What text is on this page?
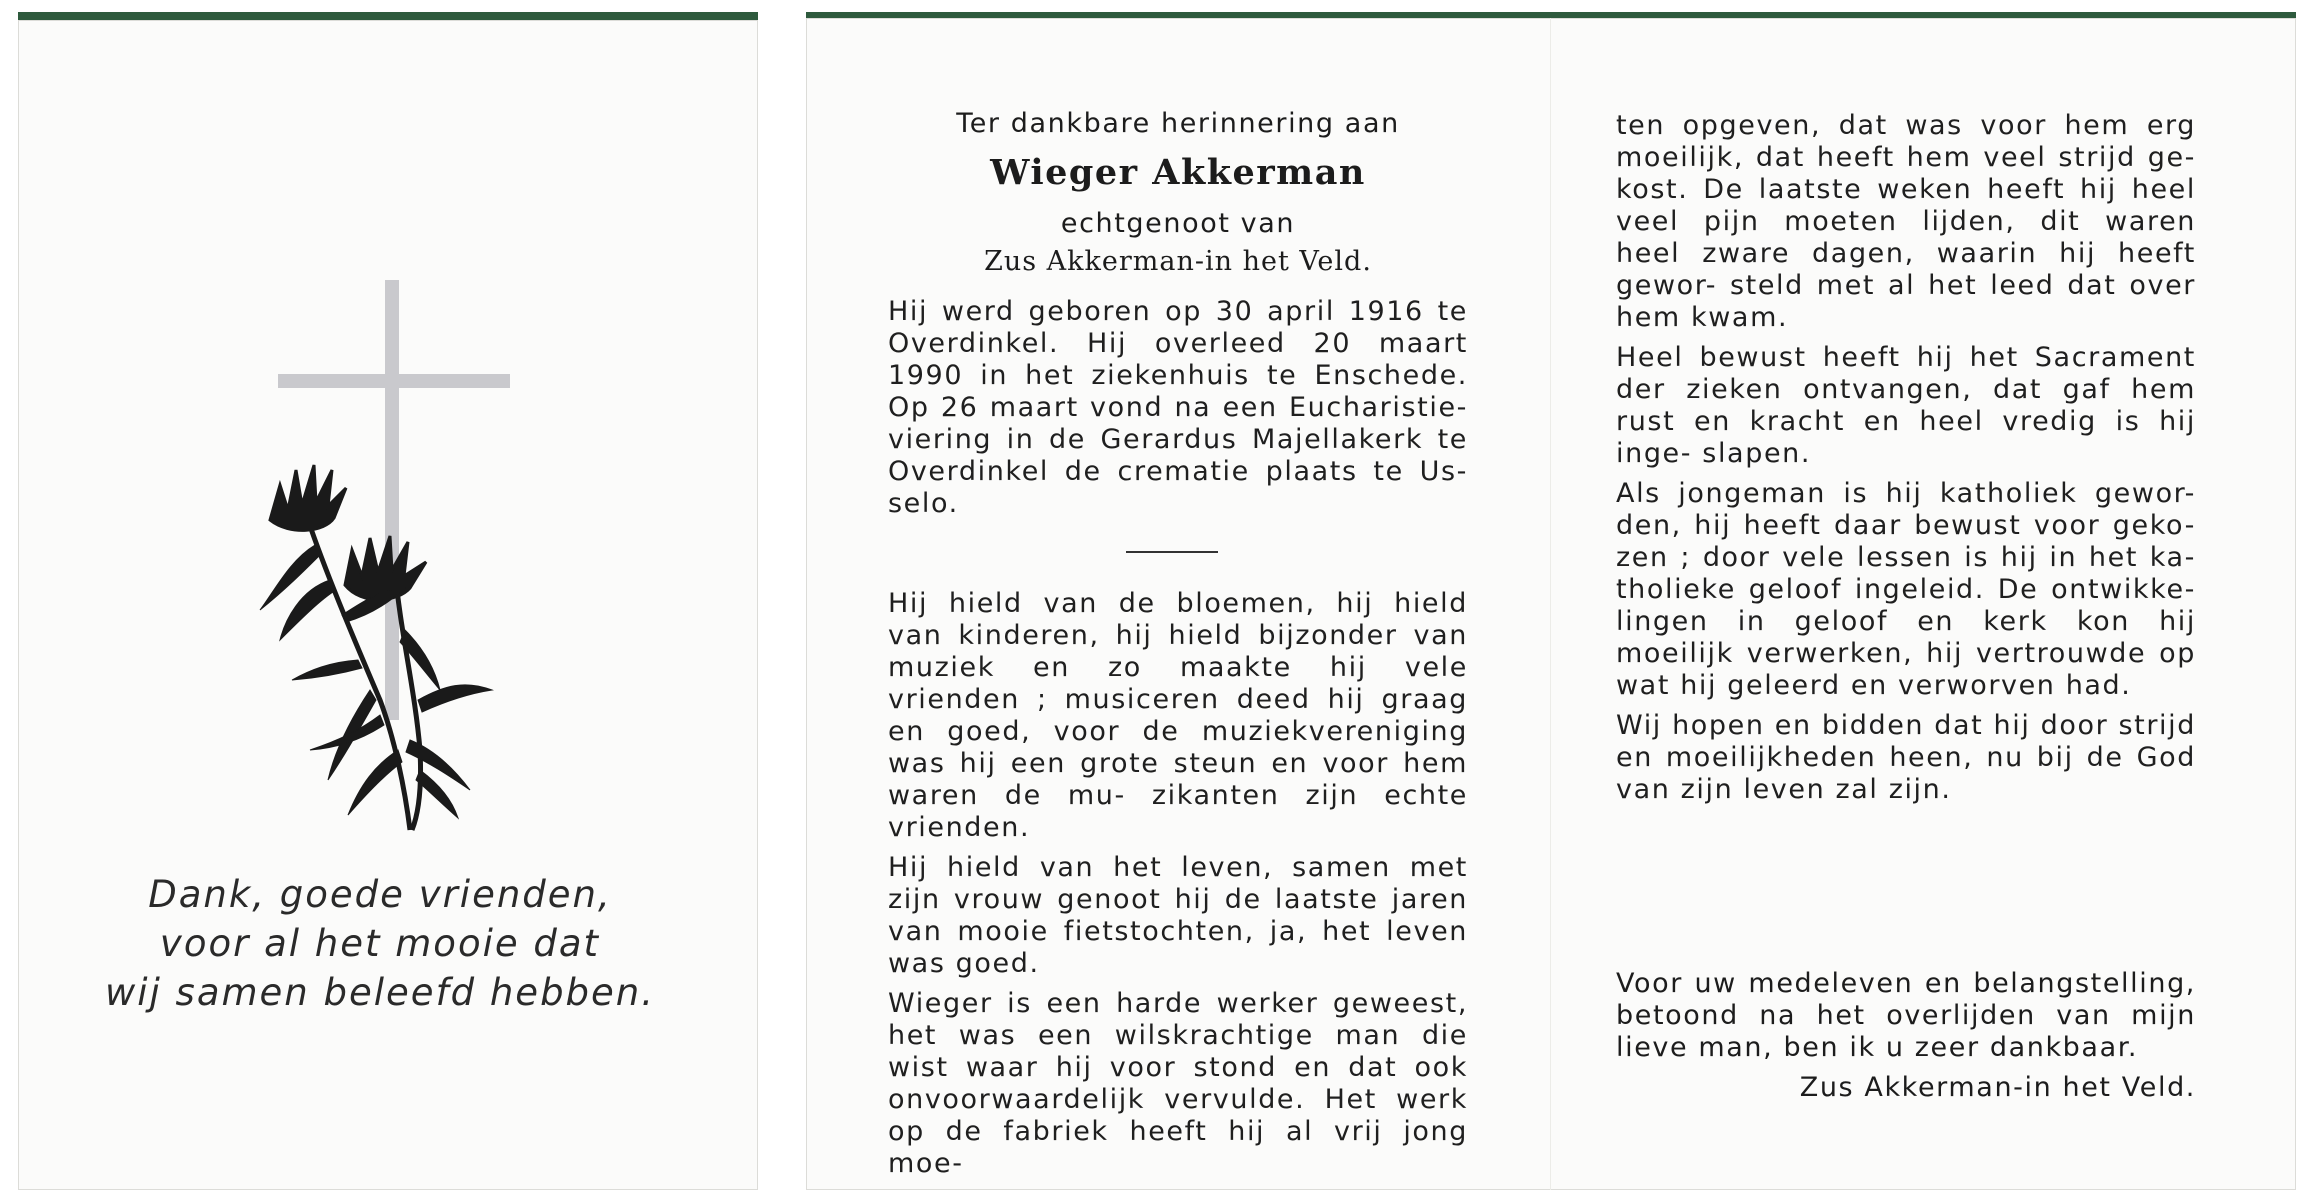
Dank, goede vrienden,
voor al het mooie dat
wij samen beleefd hebben.
Ter dankbare herinnering aan
Wieger Akkerman
echtgenoot van
Zus Akkerman-in het Veld.

Hij werd geboren op 30 april 1916 te Overdinkel. Hij overleed 20 maart 1990 in het ziekenhuis te Enschede. Op 26 maart vond na een Eucharistie- viering in de Gerardus Majellakerk te Overdinkel de crematie plaats te Us- selo.

Hij hield van de bloemen, hij hield van kinderen, hij hield bijzonder van muziek en zo maakte hij vele vrienden ; musiceren deed hij graag en goed, voor de muziekvereniging was hij een grote steun en voor hem waren de mu- zikanten zijn echte vrienden.

Hij hield van het leven, samen met zijn vrouw genoot hij de laatste jaren van mooie fietstochten, ja, het leven was goed.

Wieger is een harde werker geweest, het was een wilskrachtige man die wist waar hij voor stond en dat ook onvoorwaardelijk vervulde. Het werk op de fabriek heeft hij al vrij jong moe-

ten opgeven, dat was voor hem erg moeilijk, dat heeft hem veel strijd ge- kost. De laatste weken heeft hij heel veel pijn moeten lijden, dit waren heel zware dagen, waarin hij heeft gewor- steld met al het leed dat over hem kwam.

Heel bewust heeft hij het Sacrament der zieken ontvangen, dat gaf hem rust en kracht en heel vredig is hij inge- slapen.

Als jongeman is hij katholiek gewor- den, hij heeft daar bewust voor geko- zen ; door vele lessen is hij in het ka- tholieke geloof ingeleid. De ontwikke- lingen in geloof en kerk kon hij moeilijk verwerken, hij vertrouwde op wat hij geleerd en verworven had.

Wij hopen en bidden dat hij door strijd en moeilijkheden heen, nu bij de God van zijn leven zal zijn.

Voor uw medeleven en belangstelling, betoond na het overlijden van mijn lieve man, ben ik u zeer dankbaar.

Zus Akkerman-in het Veld.
